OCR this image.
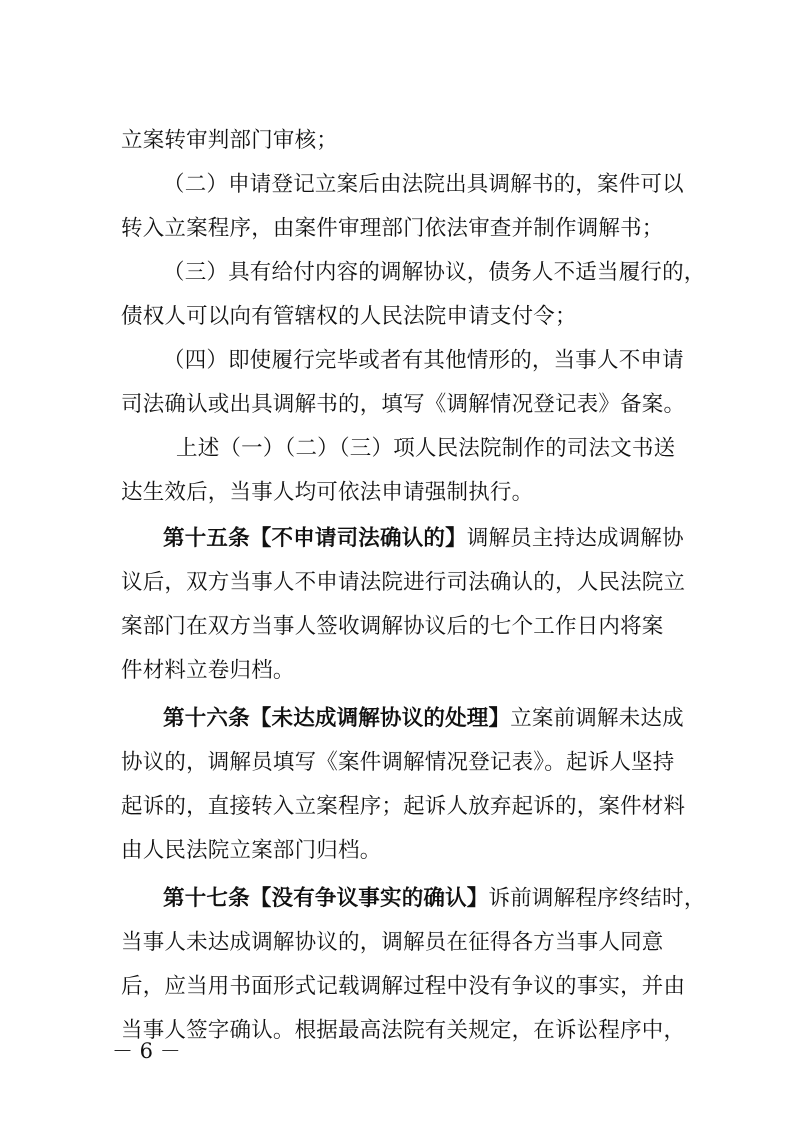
立案转审判部门审核；
（二）申请登记立案后由法院出具调解书的，案件可以
转入立案程序，由案件审理部门依法审查并制作调解书；
（三）具有给付内容的调解协议，债务人不适当履行的，
债权人可以向有管辖权的人民法院申请支付令；
（四）即使履行完毕或者有其他情形的，当事人不申请
司法确认或出具调解书的，填写《调解情况登记表》备案。
上述（一）（二）（三）项人民法院制作的司法文书送
达生效后，当事人均可依法申请强制执行。
第十五条【不申请司法确认的】调解员主持达成调解协
议后，双方当事人不申请法院进行司法确认的，人民法院立
案部门在双方当事人签收调解协议后的七个工作日内将案
件材料立卷归档。
第十六条【未达成调解协议的处理】立案前调解未达成
协议的，调解员填写《案件调解情况登记表》。起诉人坚持
起诉的，直接转入立案程序；起诉人放弃起诉的，案件材料
由人民法院立案部门归档。
第十七条【没有争议事实的确认】诉前调解程序终结时，
当事人未达成调解协议的，调解员在征得各方当事人同意
后，应当用书面形式记载调解过程中没有争议的事实，并由
当事人签字确认。根据最高法院有关规定，在诉讼程序中，
－ 6 －
